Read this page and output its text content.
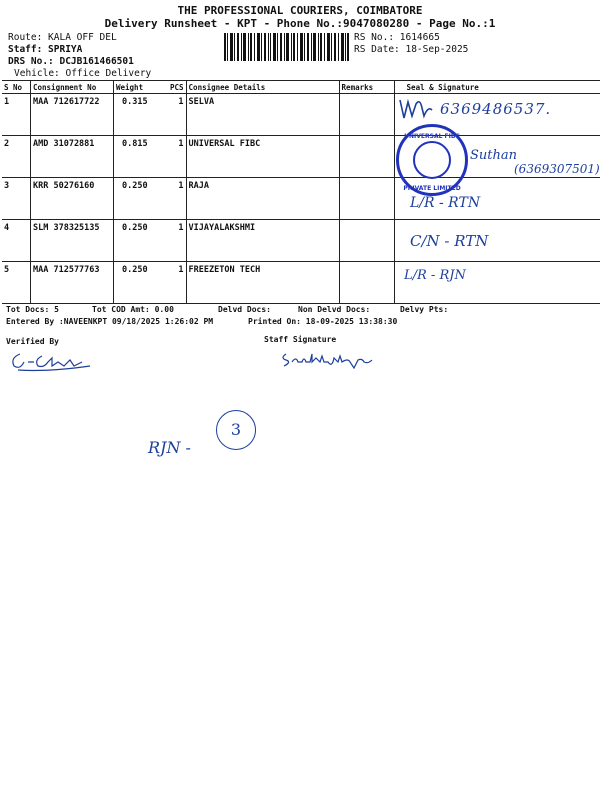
THE PROFESSIONAL COURIERS, COIMBATORE
Delivery Runsheet - KPT - Phone No.:9047080280 - Page No.:1
Route: KALA OFF DEL
Staff: SPRIYA
DRS No.: DCJB161466501
Vehicle: Office Delivery
RS No.: 1614665
RS Date: 18-Sep-2025
S No	Consignment No	Weight	PCS	Consignee Details	Remarks	Seal & Signature
1	MAA 712617722	0.315	1	SELVA		
2	AMD 31072881	0.815	1	UNIVERSAL FIBC		
3	KRR 50276160	0.250	1	RAJA		
4	SLM 378325135	0.250	1	VIJAYALAKSHMI		
5	MAA 712577763	0.250	1	FREEZETON TECH		
Tot Docs: 5	Tot COD Amt: 0.00	Delvd Docs:	Non Delvd Docs:	Delvy Pts:
Entered By :NAVEENKPT 09/18/2025 1:26:02 PM	Printed On: 18-09-2025 13:38:30
Verified By	Staff Signature
6369486537.
UNIVERSAL FIBC
PRIVATE LIMITED
Suthan
(6369307501)
L/R - RTN
C/N - RTN
L/R - RJN
RJN -
3
